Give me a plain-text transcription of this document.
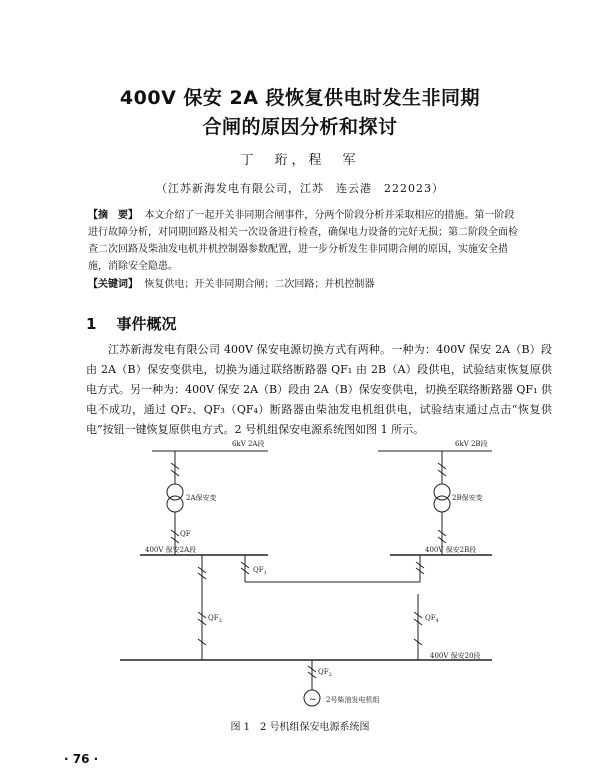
400V 保安 2A 段恢复供电时发生非同期
合闸的原因分析和探讨
丁　珩，程　军
（江苏新海发电有限公司，江苏　连云港　222023）

【摘　要】 本文介绍了一起开关非同期合闸事件，分两个阶段分析并采取相应的措施。第一阶段进行故障分析，对同期回路及相关一次设备进行检查，确保电力设备的完好无损；第二阶段全面检查二次回路及柴油发电机并机控制器参数配置，进一步分析发生非同期合闸的原因，实施安全措施，消除安全隐患。

【关键词】 恢复供电；开关非同期合闸；二次回路；并机控制器

1 事件概况

江苏新海发电有限公司 400V 保安电源切换方式有两种。一种为：400V 保安 2A（B）段由 2A（B）保安变供电，切换为通过联络断路器 QF₁ 由 2B（A）段供电，试验结束恢复原供电方式。另一种为：400V 保安 2A（B）段由 2A（B）保安变供电，切换至联络断路器 QF₁ 供电不成功，通过 QF₂、QF₃（QF₄）断路器由柴油发电机组供电，试验结束通过点击“恢复供电”按钮一键恢复原供电方式。2 号机组保安电源系统图如图 1 所示。

6kV 2A段	6kV 2B段
2A保安变	2B保安变
QF
400V 保安2A段	400V 保安2B段
$QF_1$
$QF_3$	$QF_4$
400V 保安20段
$QF_2$
~ 2号柴油发电机组
图 1　2 号机组保安电源系统图
· 76 ·
